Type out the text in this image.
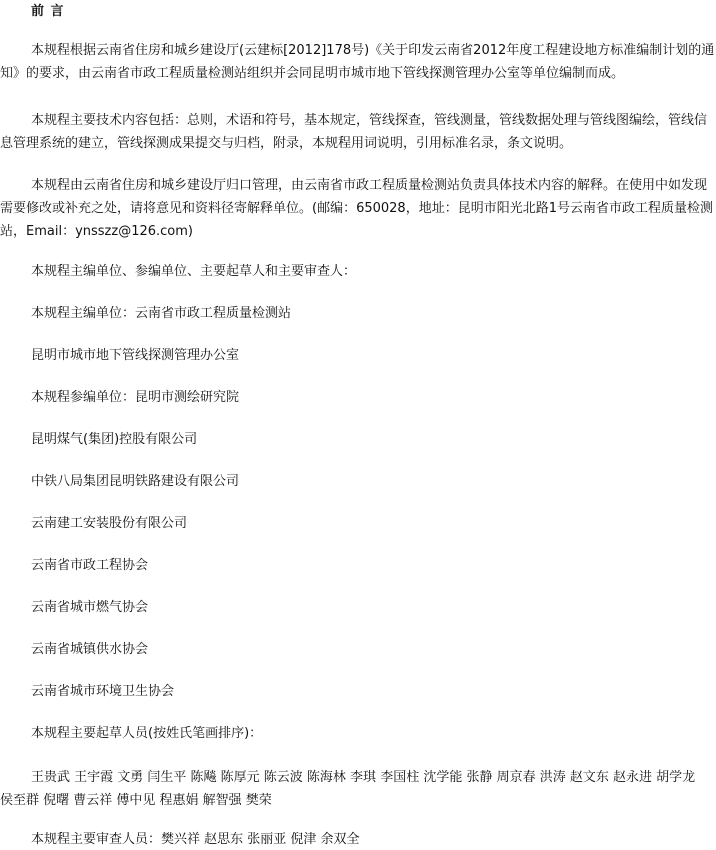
前 言
本规程根据云南省住房和城乡建设厅(云建标[2012]178号)《关于印发云南省2012年度工程建设地方标准编制计划的通知》的要求，由云南省市政工程质量检测站组织并会同昆明市城市地下管线探测管理办公室等单位编制而成。
本规程主要技术内容包括：总则，术语和符号，基本规定，管线探查，管线测量，管线数据处理与管线图编绘，管线信息管理系统的建立，管线探测成果提交与归档，附录，本规程用词说明，引用标准名录，条文说明。
本规程由云南省住房和城乡建设厅归口管理，由云南省市政工程质量检测站负责具体技术内容的解释。在使用中如发现需要修改或补充之处，请将意见和资料径寄解释单位。(邮编：650028，地址：昆明市阳光北路1号云南省市政工程质量检测站，Email：ynsszz@126.com)
本规程主编单位、参编单位、主要起草人和主要审查人：
本规程主编单位：云南省市政工程质量检测站
昆明市城市地下管线探测管理办公室
本规程参编单位：昆明市测绘研究院
昆明煤气(集团)控股有限公司
中铁八局集团昆明铁路建设有限公司
云南建工安装股份有限公司
云南省市政工程协会
云南省城市燃气协会
云南省城镇供水协会
云南省城市环境卫生协会
本规程主要起草人员(按姓氏笔画排序)：
王贵武 王宇霞 文勇 闫生平 陈飚 陈厚元 陈云波 陈海林 李琪 李国柱 沈学能 张静 周京春 洪涛 赵文东 赵永进 胡学龙 侯至群 倪曙 曹云祥 傅中见 程惠娟 解智强 樊荣
本规程主要审查人员：樊兴祥 赵思东 张丽亚 倪津 余双全
